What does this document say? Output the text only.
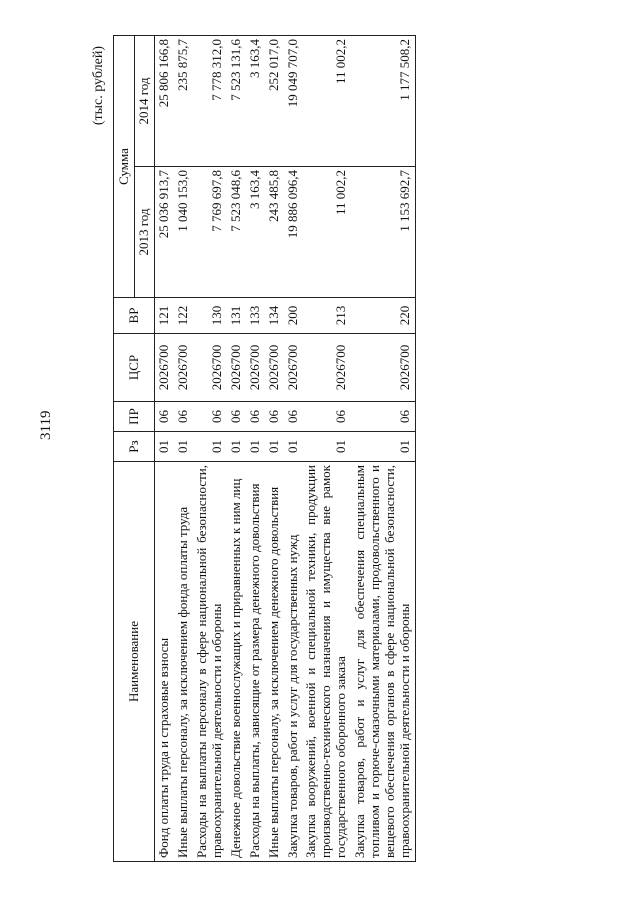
3119
(тыс. рублей)
Наименование	Рз	ПР	ЦСР	ВР	Сумма	
					2013 год	2014 год
Фонд оплаты труда и страховые взносы	01	06	2026700	121	25 036 913,7	25 806 166,8
Иные выплаты персоналу, за исключением фонда оплаты труда	01	06	2026700	122	1 040 153,0	235 875,7
Расходы на выплаты персоналу в сфере национальной безопасности, правоохранительной деятельности и обороны	01	06	2026700	130	7 769 697,8	7 778 312,0
Денежное довольствие военнослужащих и приравненных к ним лиц	01	06	2026700	131	7 523 048,6	7 523 131,6
Расходы на выплаты, зависящие от размера денежного довольствия	01	06	2026700	133	3 163,4	3 163,4
Иные выплаты персоналу, за исключением денежного довольствия	01	06	2026700	134	243 485,8	252 017,0
Закупка товаров, работ и услуг для государственных нужд	01	06	2026700	200	19 886 096,4	19 049 707,0
Закупка вооружений, военной и специальной техники, продукции производственно-технического назначения и имущества вне рамок государственного оборонного заказа	01	06	2026700	213	11 002,2	11 002,2
Закупка товаров, работ и услуг для обеспечения специальным топливом и горюче-смазочными материалами, продовольственного и вещевого обеспечения органов в сфере национальной безопасности, правоохранительной деятельности и обороны	01	06	2026700	220	1 153 692,7	1 177 508,2
